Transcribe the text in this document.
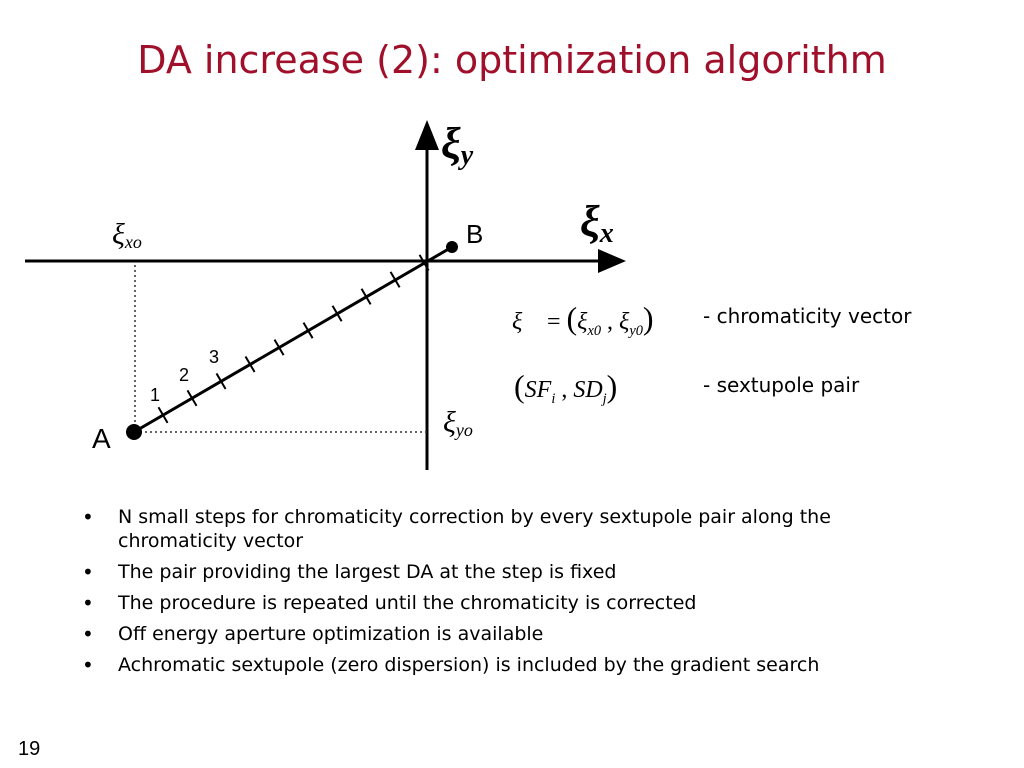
DA increase (2): optimization algorithm
A
B
1
2
3
ξy
ξx
ξxo
ξyo
ξ⃗ = ($\xi_{x0}$ , $\xi_{y0}$) - chromaticity vector
($SF_i$ , $SD_j$)	- sextupole pair
• N small steps for chromaticity correction by every sextupole pair along the chromaticity vector
• The pair providing the largest DA at the step is fixed
• The procedure is repeated until the chromaticity is corrected
• Off energy aperture optimization is available
• Achromatic sextupole (zero dispersion) is included by the gradient search
19
